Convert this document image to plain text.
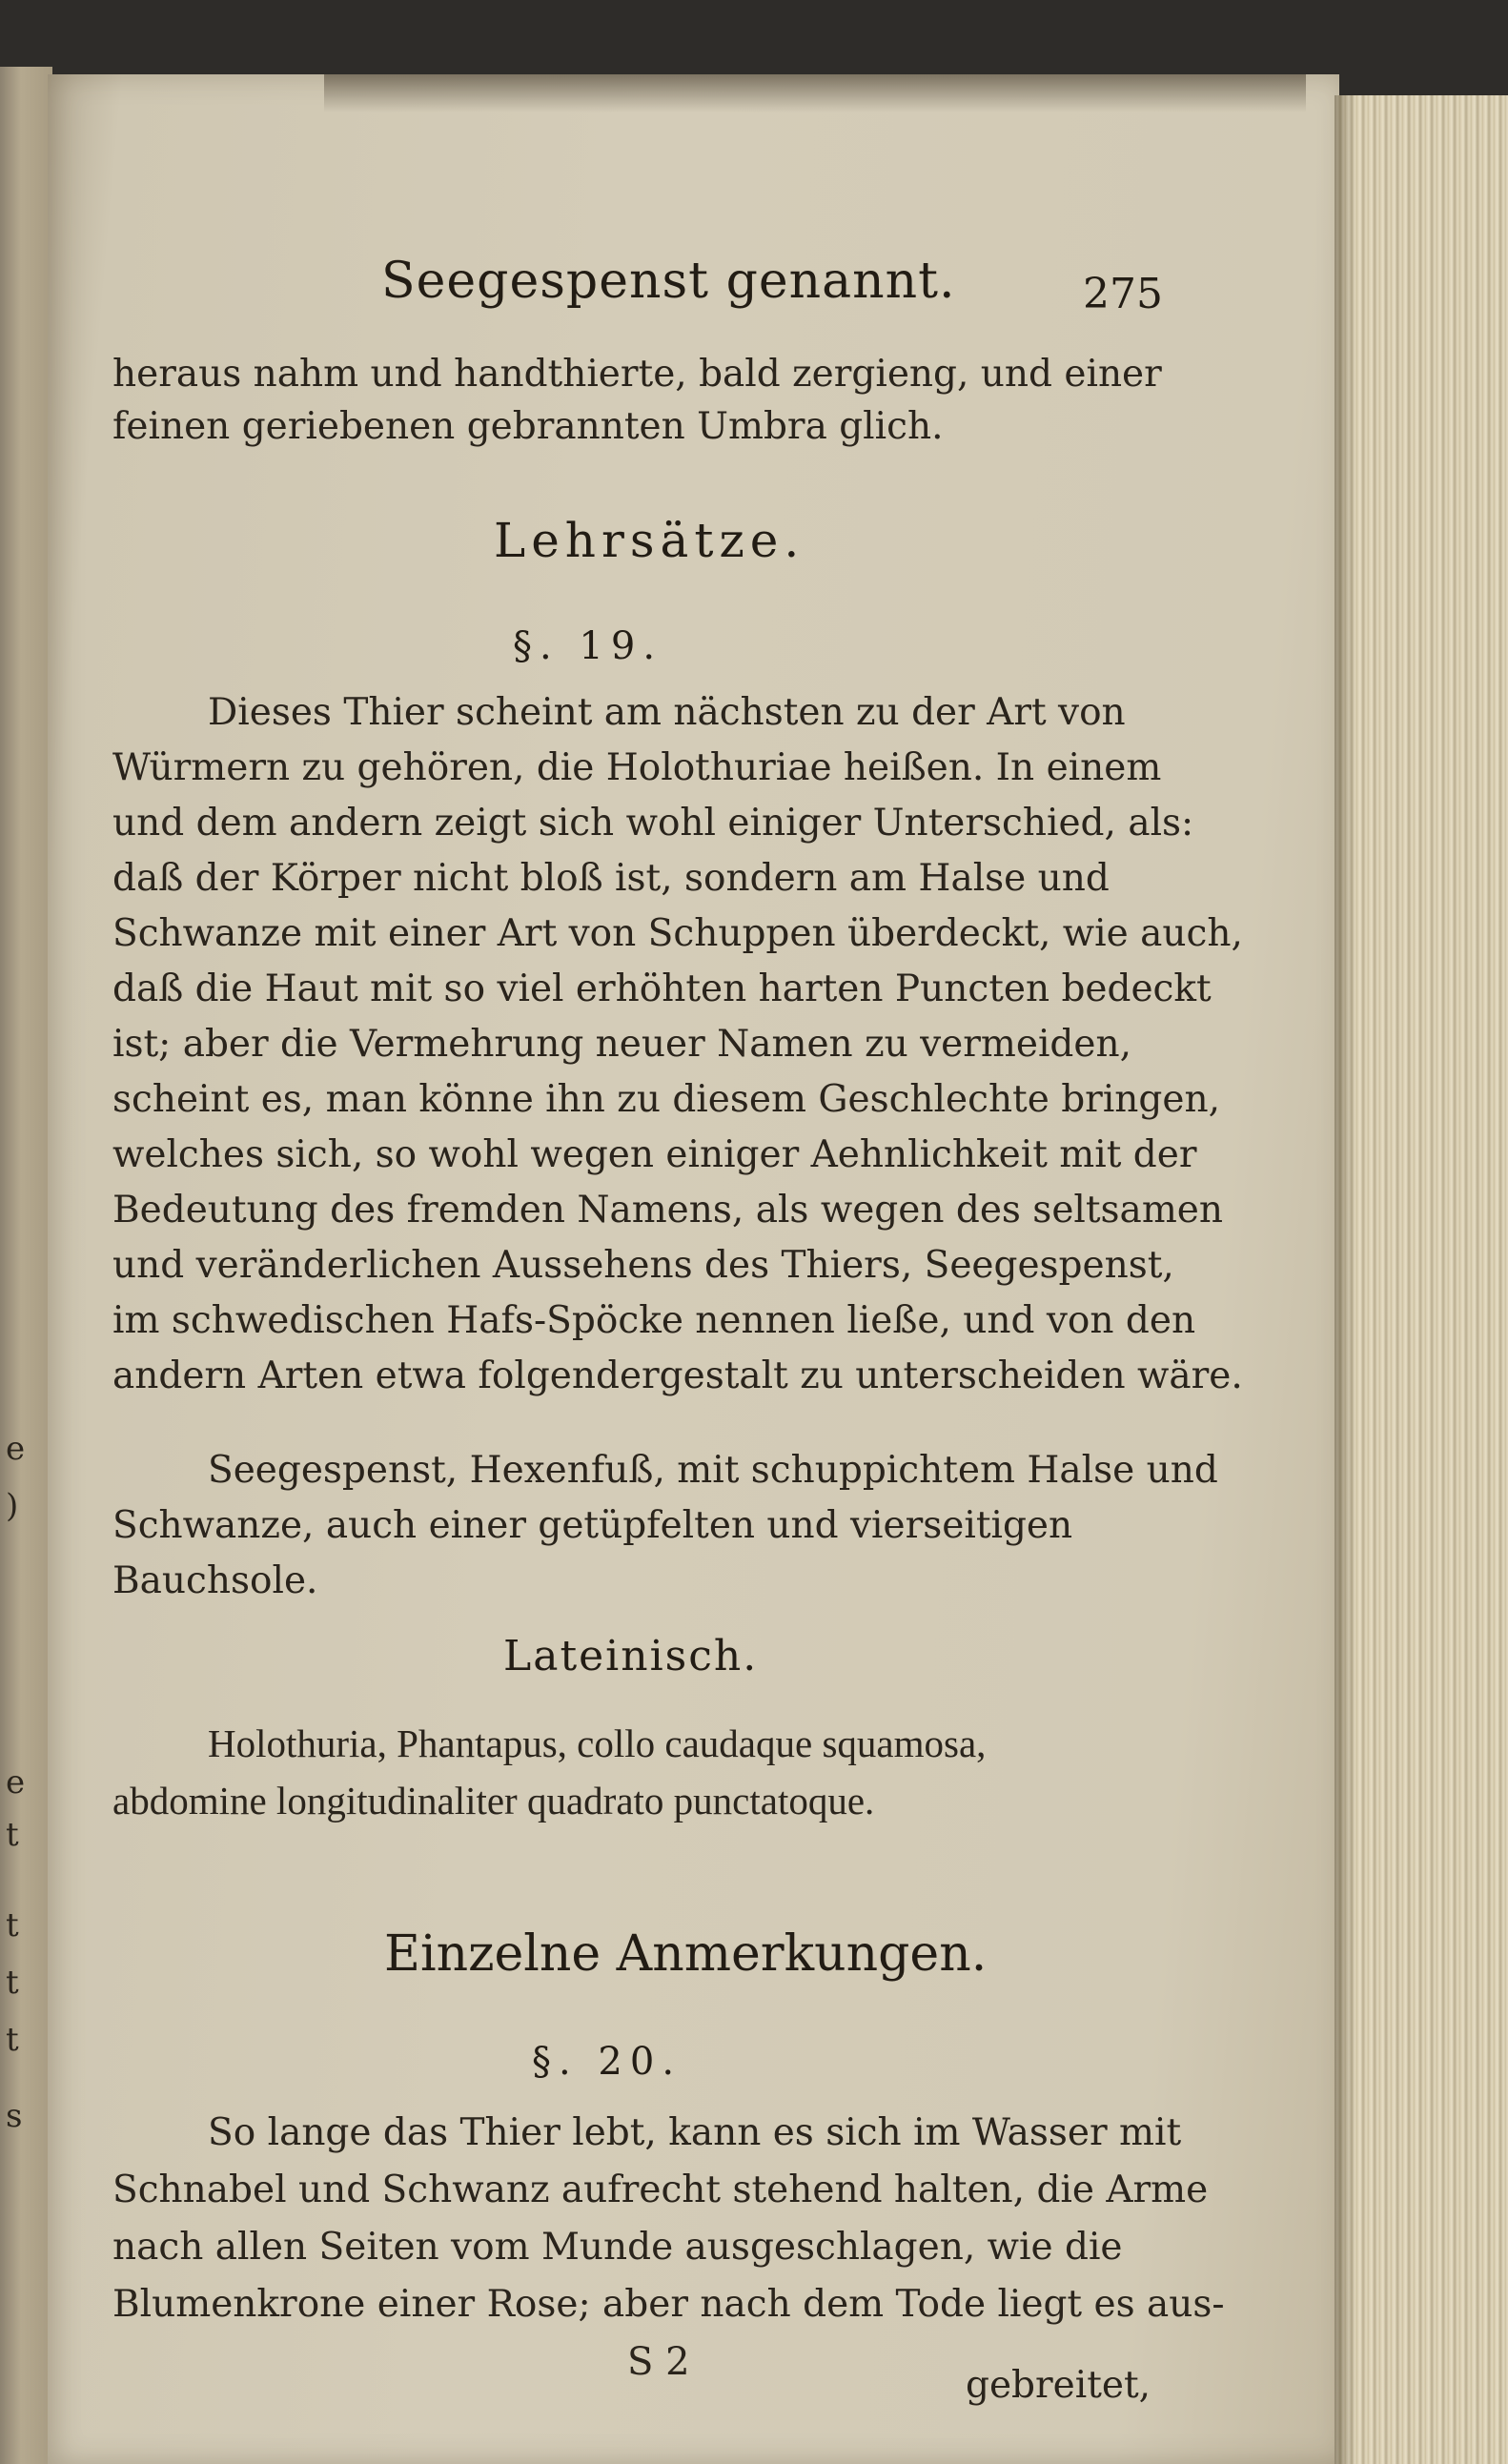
e
)
e
t
t
t
t
s
Seegespenst genannt.	275
heraus nahm und handthierte, bald zergieng, und einer
feinen geriebenen gebrannten Umbra glich.
Lehrsätze.
§. 19.
Dieses Thier scheint am nächsten zu der Art von
Würmern zu gehören, die Holothuriae heißen. In einem
und dem andern zeigt sich wohl einiger Unterschied, als:
daß der Körper nicht bloß ist, sondern am Halse und
Schwanze mit einer Art von Schuppen überdeckt, wie auch,
daß die Haut mit so viel erhöhten harten Puncten bedeckt
ist; aber die Vermehrung neuer Namen zu vermeiden,
scheint es, man könne ihn zu diesem Geschlechte bringen,
welches sich, so wohl wegen einiger Aehnlichkeit mit der
Bedeutung des fremden Namens, als wegen des seltsamen
und veränderlichen Aussehens des Thiers, Seegespenst,
im schwedischen Hafs-Spöcke nennen ließe, und von den
andern Arten etwa folgendergestalt zu unterscheiden wäre.
Seegespenst, Hexenfuß, mit schuppichtem Halse und
Schwanze, auch einer getüpfelten und vierseitigen
Bauchsole.
Lateinisch.
Holothuria, Phantapus, collo caudaque squamosa,
abdomine longitudinaliter quadrato punctatoque.
Einzelne Anmerkungen.
§. 20.
So lange das Thier lebt, kann es sich im Wasser mit
Schnabel und Schwanz aufrecht stehend halten, die Arme
nach allen Seiten vom Munde ausgeschlagen, wie die
Blumenkrone einer Rose; aber nach dem Tode liegt es aus-
S 2
gebreitet,
